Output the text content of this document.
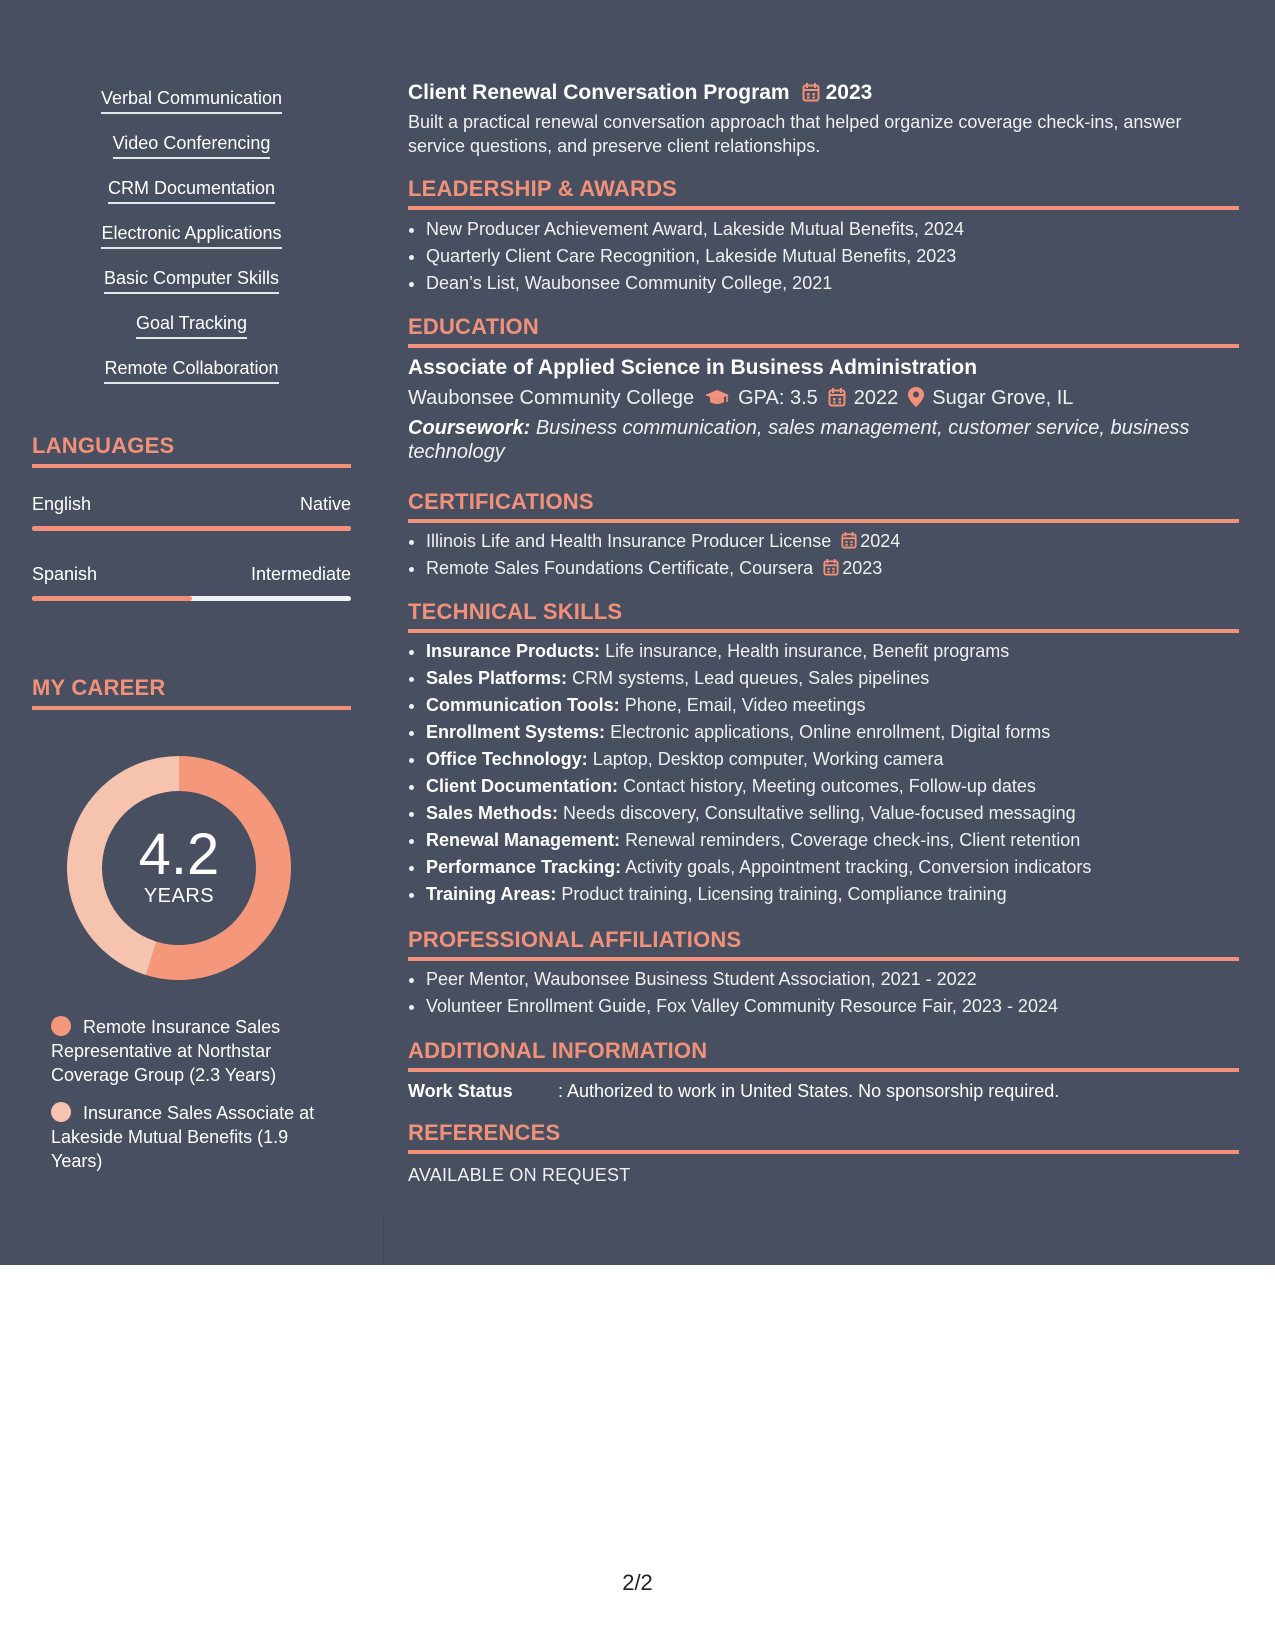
Verbal Communication
Video Conferencing
CRM Documentation
Electronic Applications
Basic Computer Skills
Goal Tracking
Remote Collaboration
LANGUAGES
English	Native
Spanish	Intermediate
MY CAREER
4.2
YEARS
Remote Insurance Sales Representative at Northstar Coverage Group (2.3 Years)
Insurance Sales Associate at Lakeside Mutual Benefits (1.9 Years)
Client Renewal Conversation Program 2023
Built a practical renewal conversation approach that helped organize coverage check-ins, answer service questions, and preserve client relationships.
LEADERSHIP & AWARDS
• New Producer Achievement Award, Lakeside Mutual Benefits, 2024
• Quarterly Client Care Recognition, Lakeside Mutual Benefits, 2023
• Dean’s List, Waubonsee Community College, 2021
EDUCATION
Associate of Applied Science in Business Administration
Waubonsee Community College GPA: 3.5 2022 Sugar Grove, IL
Coursework: Business communication, sales management, customer service, business technology
CERTIFICATIONS
• Illinois Life and Health Insurance Producer License 2024
• Remote Sales Foundations Certificate, Coursera 2023
TECHNICAL SKILLS
• Insurance Products: Life insurance, Health insurance, Benefit programs
• Sales Platforms: CRM systems, Lead queues, Sales pipelines
• Communication Tools: Phone, Email, Video meetings
• Enrollment Systems: Electronic applications, Online enrollment, Digital forms
• Office Technology: Laptop, Desktop computer, Working camera
• Client Documentation: Contact history, Meeting outcomes, Follow-up dates
• Sales Methods: Needs discovery, Consultative selling, Value-focused messaging
• Renewal Management: Renewal reminders, Coverage check-ins, Client retention
• Performance Tracking: Activity goals, Appointment tracking, Conversion indicators
• Training Areas: Product training, Licensing training, Compliance training
PROFESSIONAL AFFILIATIONS
• Peer Mentor, Waubonsee Business Student Association, 2021 - 2022
• Volunteer Enrollment Guide, Fox Valley Community Resource Fair, 2023 - 2024
ADDITIONAL INFORMATION
Work Status	: Authorized to work in United States. No sponsorship required.
REFERENCES
AVAILABLE ON REQUEST
2/2
